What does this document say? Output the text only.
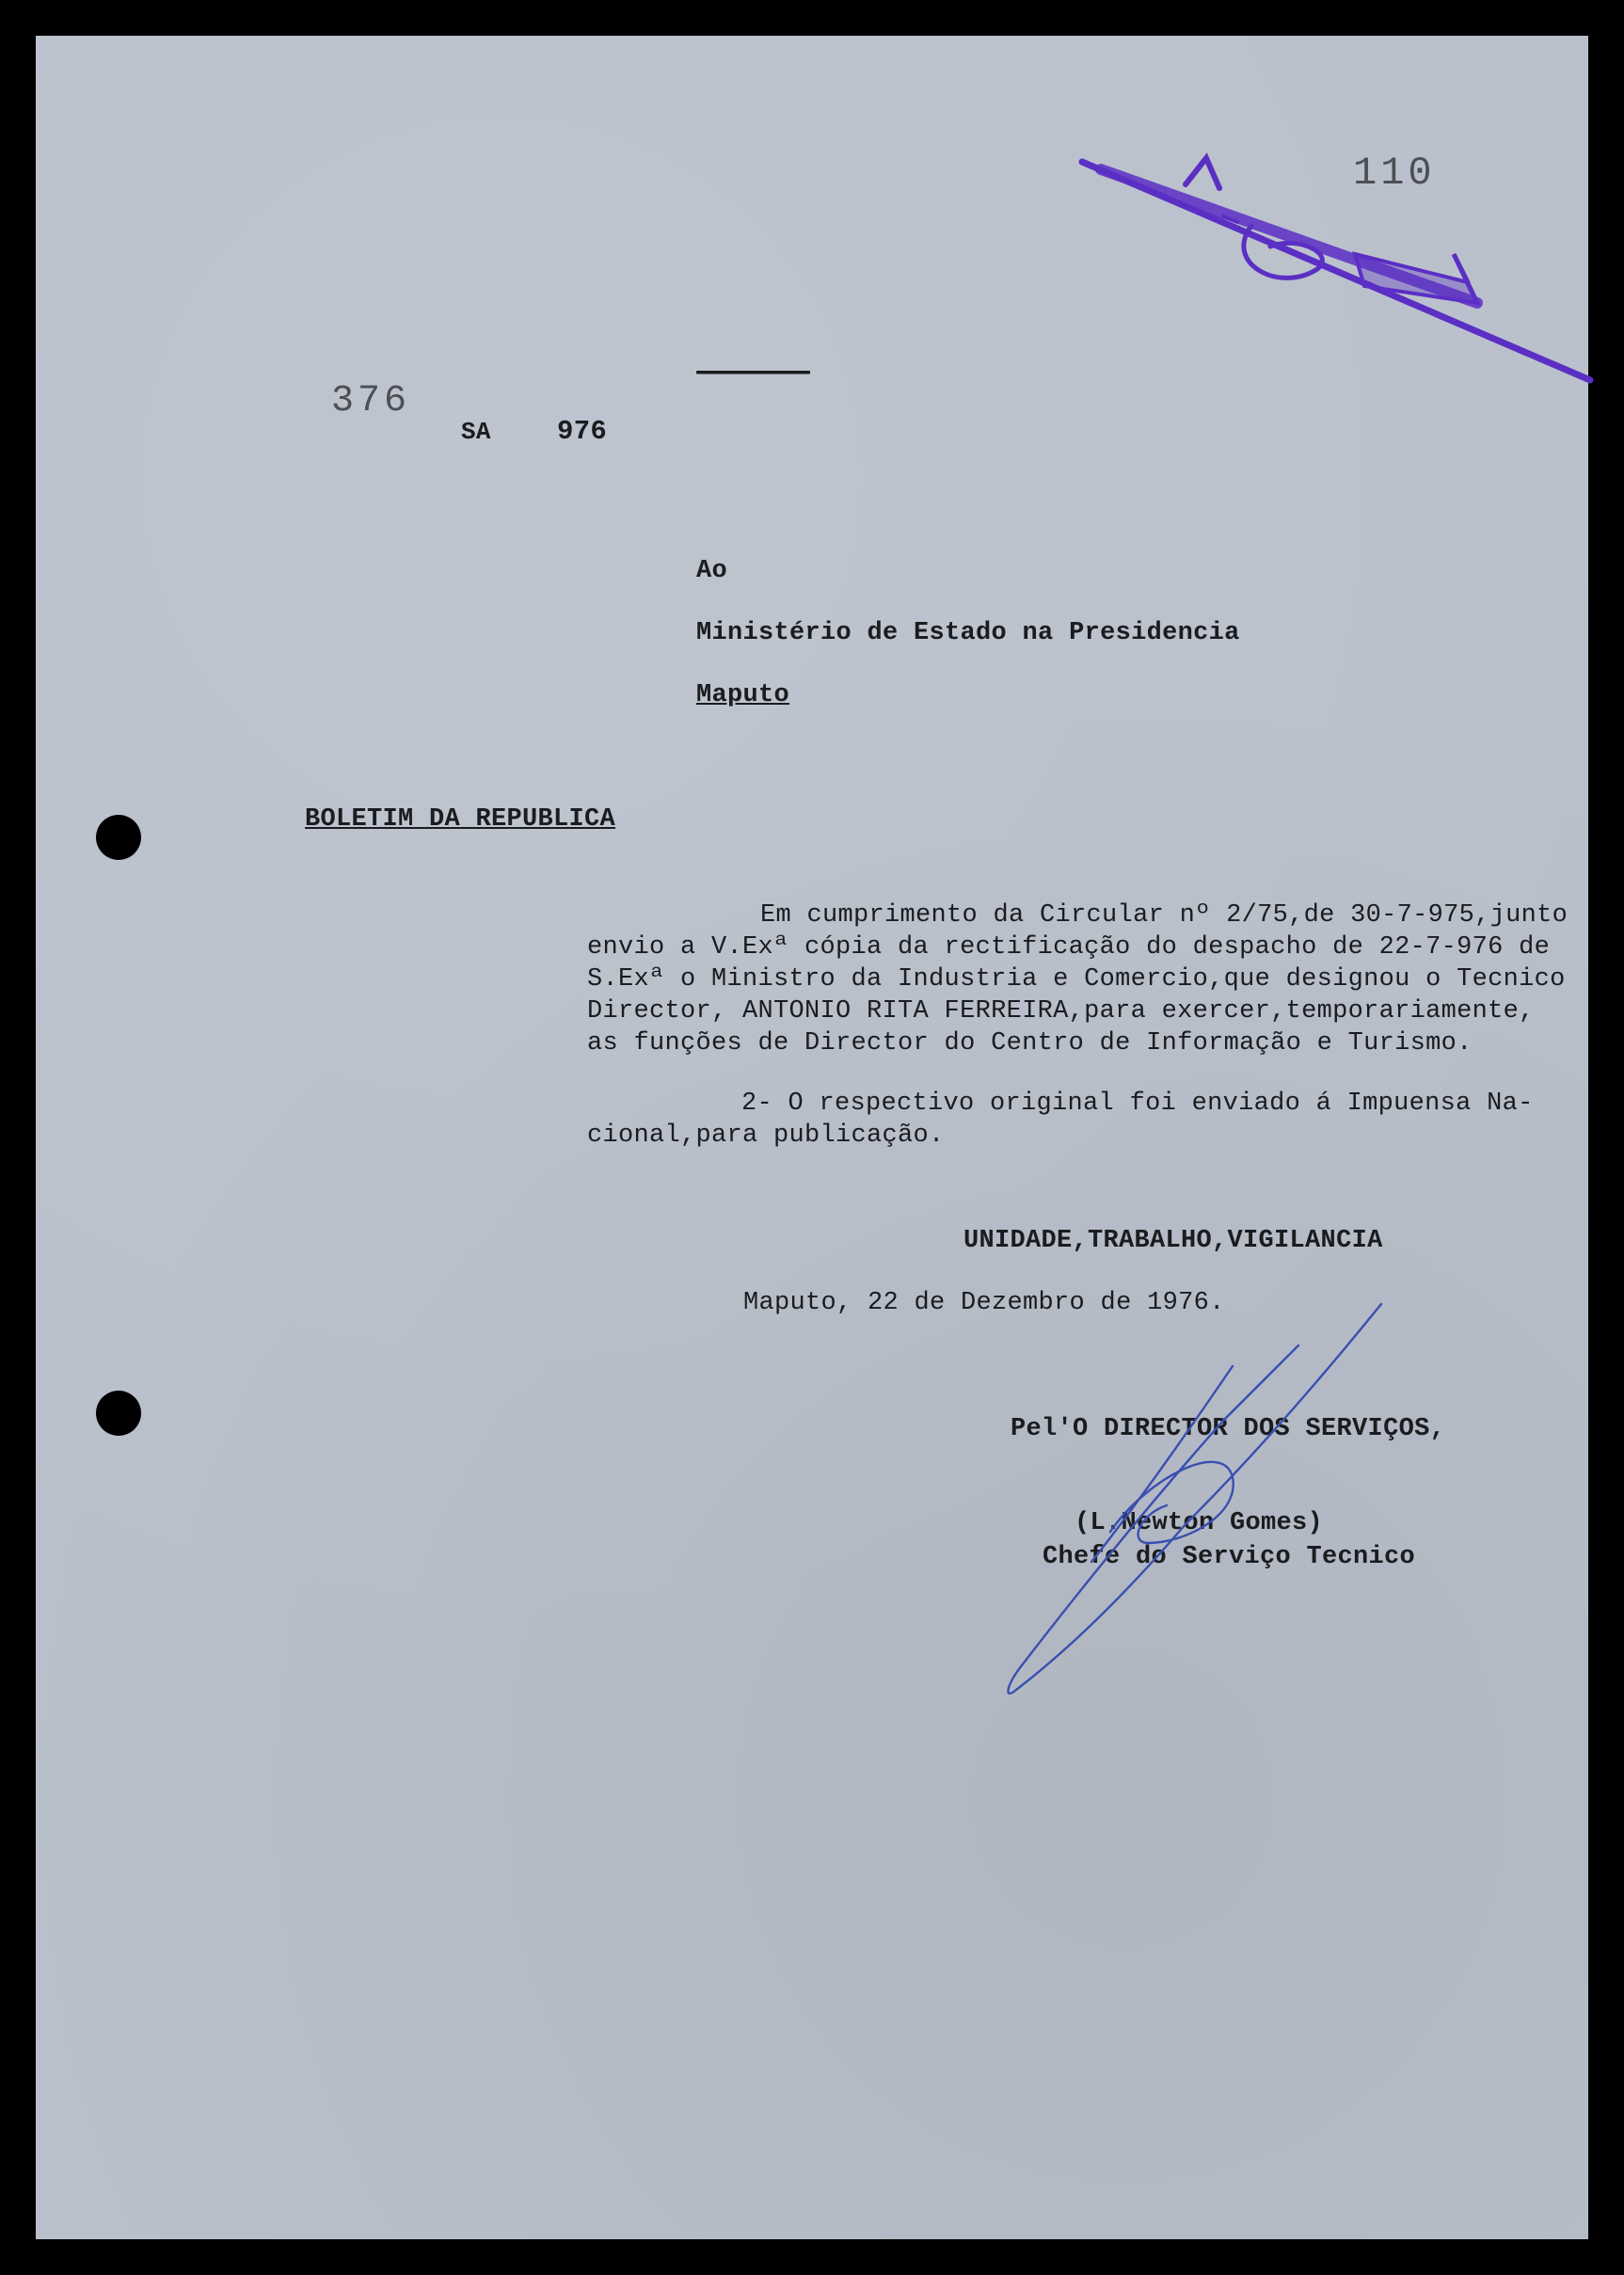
110
376
SA 976
▬▬▬▬▬▬▬▬▬▬▬▬▬▬▬▬▬
Ao
Ministério de Estado na Presidencia
Maputo
BOLETIM DA REPUBLICA
Em cumprimento da Circular nº 2/75,de 30-7-975,junto
envio a V.Exª cópia da rectificação do despacho de 22-7-976 de
S.Exª o Ministro da Industria e Comercio,que designou o Tecnico
Director, ANTONIO RITA FERREIRA,para exercer,temporariamente,
as funções de Director do Centro de Informação e Turismo.
2- O respectivo original foi enviado á Impuensa Na-
cional,para publicação.
UNIDADE,TRABALHO,VIGILANCIA
Maputo, 22 de Dezembro de 1976.
Pel'O DIRECTOR DOS SERVIÇOS,
(L.Newton Gomes)
Chefe do Serviço Tecnico
